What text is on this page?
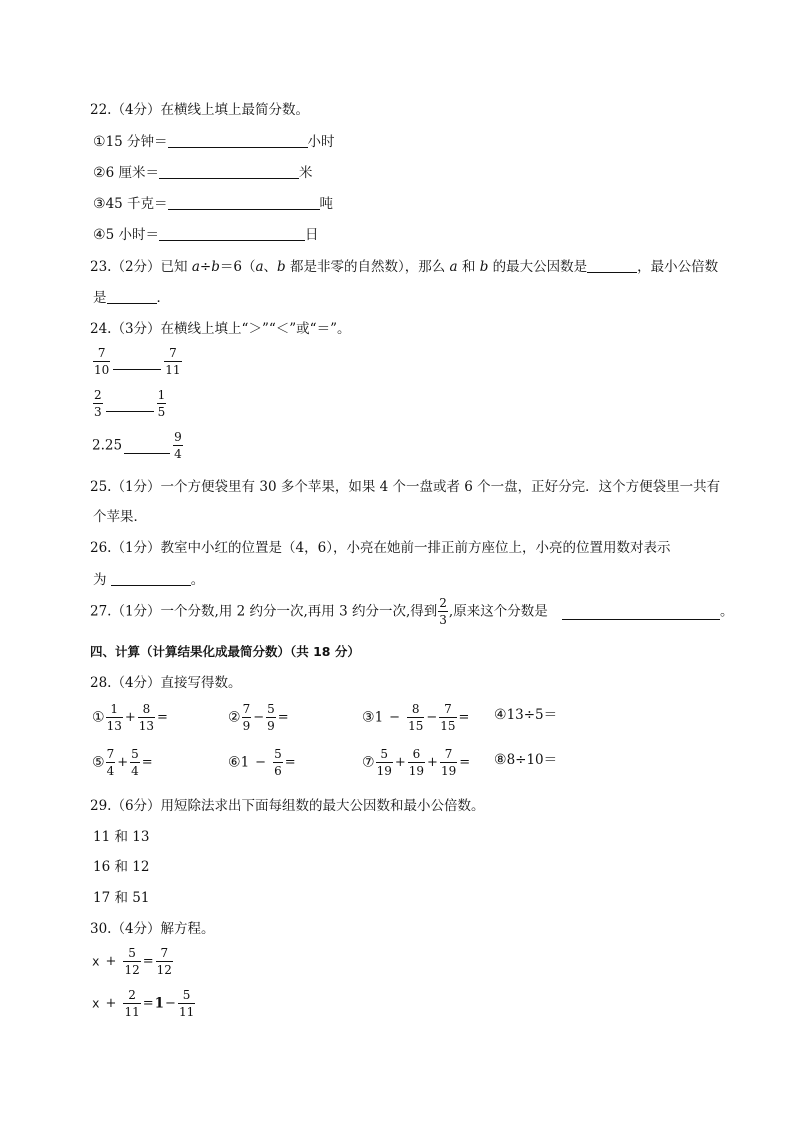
22.（4分）在横线上填上最简分数。
①15 分钟＝	小时
②6 厘米＝	米
③45 千克＝	吨
④5 小时＝	日
23.（2分）已知 a÷b＝6（a、b 都是非零的自然数），那么 a 和 b 的最大公因数是	，最小公倍数
是	．
24.（3分）在横线上填上“＞”“＜”或“＝”。
$\frac{7}{10}$	$\frac{7}{11}$
$\frac{2}{3}$	$\frac{1}{5}$
2.25	$\frac{9}{4}$
25.（1分）一个方便袋里有 30 多个苹果，如果 4 个一盘或者 6 个一盘，正好分完．这个方便袋里一共有
个苹果．
26.（1分）教室中小红的位置是（4，6），小亮在她前一排正前方座位上，小亮的位置用数对表示
为	。
27.（1分）一个分数,用 2 约分一次,再用 3 约分一次,得到 $\frac{2}{3}$ ,原来这个分数是	。
四、计算（计算结果化成最简分数）（共 18 分）
28.（4分）直接写得数。
① $\frac{1}{13} + \frac{8}{13}$ =	② $\frac{7}{9} - \frac{5}{9}$ =	③1 − $\frac{8}{15} - \frac{7}{15}$ = ④13÷5＝
⑤ $\frac{7}{4} + \frac{5}{4}$ =	⑥1 − $\frac{5}{6}$ =	⑦ $\frac{5}{19} + \frac{6}{19} + \frac{7}{19}$ = ⑧8÷10＝
29.（6分）用短除法求出下面每组数的最大公因数和最小公倍数。
11 和 13
16 和 12
17 和 51
30.（4分）解方程。
$x + \frac{5}{12} = \frac{7}{12}$
$x + \frac{2}{11} =1- \frac{5}{11}$
